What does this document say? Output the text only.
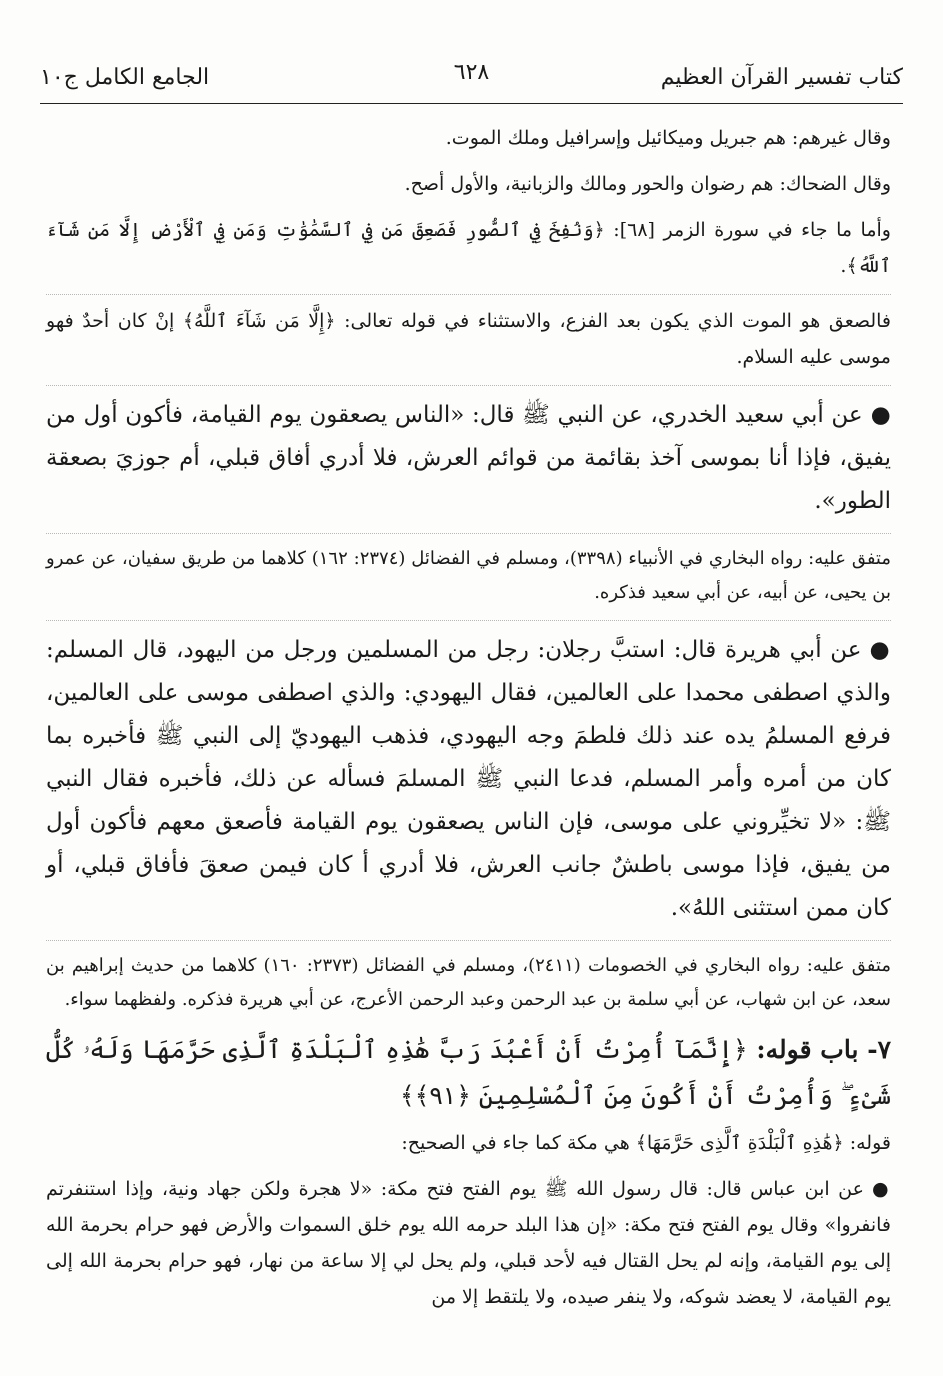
كتاب تفسير القرآن العظيم
٦٢٨
الجامع الكامل ج١٠

وقال غيرهم: هم جبريل وميكائيل وإسرافيل وملك الموت.

وقال الضحاك: هم رضوان والحور ومالك والزبانية، والأول أصح.

وأما ما جاء في سورة الزمر [٦٨]: ﴿وَنُفِخَ فِي ٱلصُّورِ فَصَعِقَ مَن فِي ٱلسَّمَٰوَٰتِ وَمَن فِي ٱلْأَرْضِ إِلَّا مَن شَآءَ ٱللَّهُ﴾.

فالصعق هو الموت الذي يكون بعد الفزع، والاستثناء في قوله تعالى: ﴿إِلَّا مَن شَآءَ ٱللَّهُ﴾ إنْ كان أحدٌ فهو موسى عليه السلام.

●عن أبي سعيد الخدري، عن النبي ﷺ قال: «الناس يصعقون يوم القيامة، فأكون أول من يفيق، فإذا أنا بموسى آخذ بقائمة من قوائم العرش، فلا أدري أفاق قبلي، أم جوزيَ بصعقة الطور».

متفق عليه: رواه البخاري في الأنبياء (٣٣٩٨)، ومسلم في الفضائل (٢٣٧٤: ١٦٢) كلاهما من طريق سفيان، عن عمرو بن يحيى، عن أبيه، عن أبي سعيد فذكره.

●عن أبي هريرة قال: استبَّ رجلان: رجل من المسلمين ورجل من اليهود، قال المسلم: والذي اصطفى محمدا على العالمين، فقال اليهودي: والذي اصطفى موسى على العالمين، فرفع المسلمُ يده عند ذلك فلطمَ وجه اليهودي، فذهب اليهوديّ إلى النبي ﷺ فأخبره بما كان من أمره وأمر المسلم، فدعا النبي ﷺ المسلمَ فسأله عن ذلك، فأخبره فقال النبي ﷺ: «لا تخيِّروني على موسى، فإن الناس يصعقون يوم القيامة فأصعق معهم فأكون أول من يفيق، فإذا موسى باطشٌ جانب العرش، فلا أدري أ كان فيمن صعقَ فأفاق قبلي، أو كان ممن استثنى اللهُ».

متفق عليه: رواه البخاري في الخصومات (٢٤١١)، ومسلم في الفضائل (٢٣٧٣: ١٦٠) كلاهما من حديث إبراهيم بن سعد، عن ابن شهاب، عن أبي سلمة بن عبد الرحمن وعبد الرحمن الأعرج، عن أبي هريرة فذكره. ولفظهما سواء.

٧- باب قوله: ﴿إِنَّمَآ أُمِرْتُ أَنْ أَعْبُدَ رَبَّ هَٰذِهِ ٱلْبَلْدَةِ ٱلَّذِى حَرَّمَهَا وَلَهُۥ كُلُّ شَىْءٍ ۖ وَأُمِرْتُ أَنْ أَكُونَ مِنَ ٱلْمُسْلِمِينَ ﴿٩١﴾﴾

قوله: ﴿هَٰذِهِ ٱلْبَلْدَةِ ٱلَّذِى حَرَّمَهَا﴾ هي مكة كما جاء في الصحيح:

●عن ابن عباس قال: قال رسول الله ﷺ يوم الفتح فتح مكة: «لا هجرة ولكن جهاد ونية، وإذا استنفرتم فانفروا» وقال يوم الفتح فتح مكة: «إن هذا البلد حرمه الله يوم خلق السموات والأرض فهو حرام بحرمة الله إلى يوم القيامة، وإنه لم يحل القتال فيه لأحد قبلي، ولم يحل لي إلا ساعة من نهار، فهو حرام بحرمة الله إلى يوم القيامة، لا يعضد شوكه، ولا ينفر صيده، ولا يلتقط إلا من
